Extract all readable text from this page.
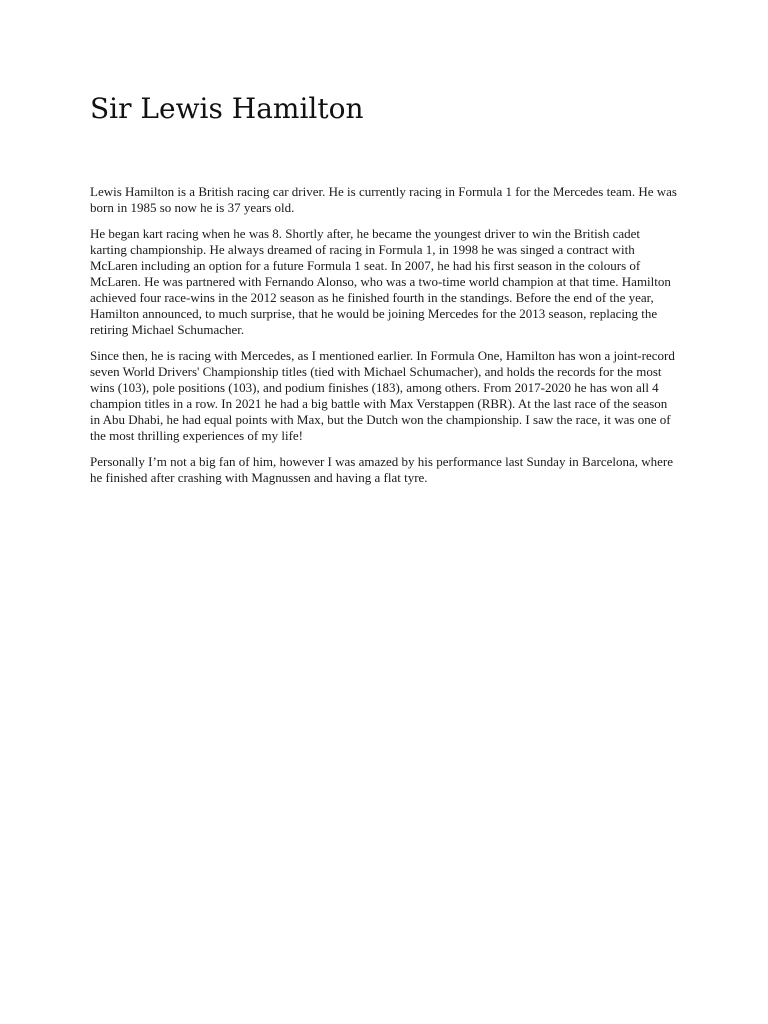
Sir Lewis Hamilton

Lewis Hamilton is a British racing car driver. He is currently racing in Formula 1 for the Mercedes team. He was born in 1985 so now he is 37 years old.

He began kart racing when he was 8. Shortly after, he became the youngest driver to win the British cadet karting championship. He always dreamed of racing in Formula 1, in 1998 he was singed a contract with McLaren including an option for a future Formula 1 seat. In 2007, he had his first season in the colours of McLaren. He was partnered with Fernando Alonso, who was a two-time world champion at that time. Hamilton achieved four race-wins in the 2012 season as he finished fourth in the standings. Before the end of the year, Hamilton announced, to much surprise, that he would be joining Mercedes for the 2013 season, replacing the retiring Michael Schumacher.

Since then, he is racing with Mercedes, as I mentioned earlier. In Formula One, Hamilton has won a joint-record seven World Drivers' Championship titles (tied with Michael Schumacher), and holds the records for the most wins (103), pole positions (103), and podium finishes (183), among others. From 2017-2020 he has won all 4 champion titles in a row. In 2021 he had a big battle with Max Verstappen (RBR). At the last race of the season in Abu Dhabi, he had equal points with Max, but the Dutch won the championship. I saw the race, it was one of the most thrilling experiences of my life!

Personally I’m not a big fan of him, however I was amazed by his performance last Sunday in Barcelona, where he finished after crashing with Magnussen and having a flat tyre.
